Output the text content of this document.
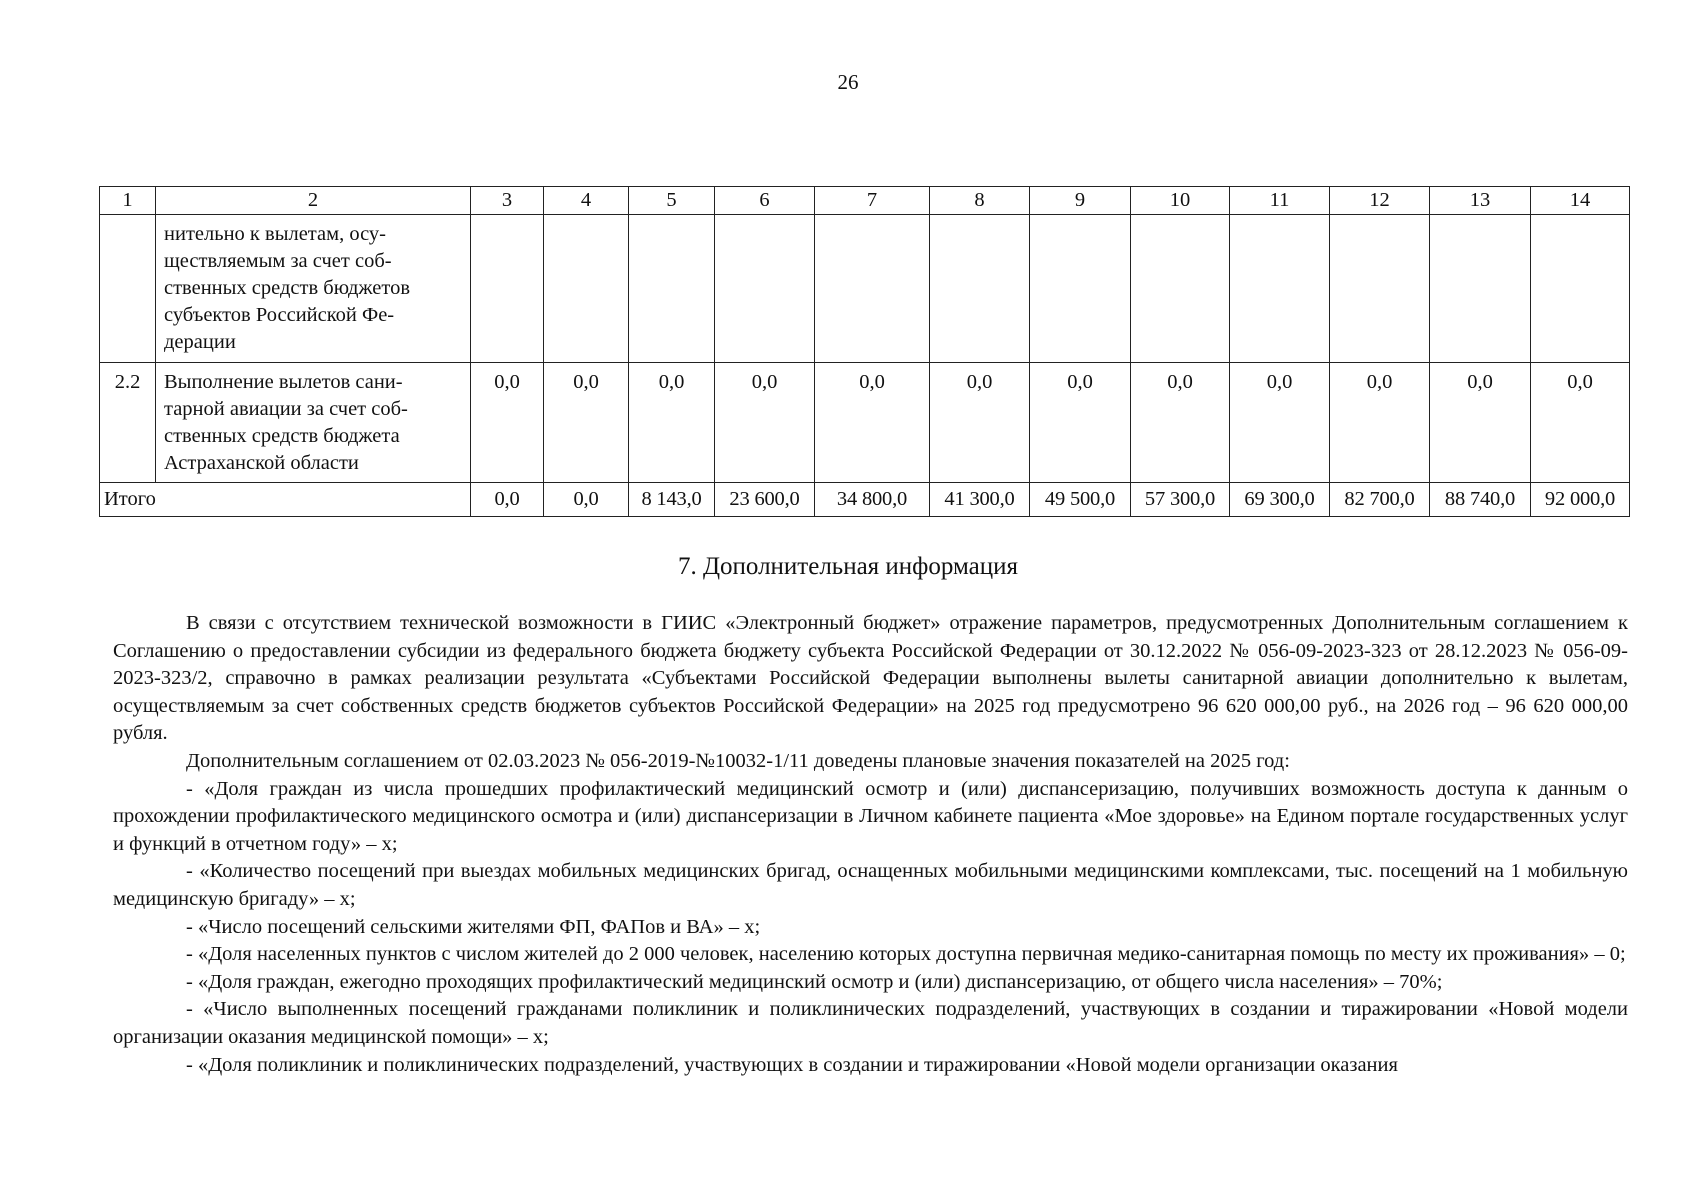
26
1	2	3	4	5	6	7	8	9	10	11	12	13	14

	нительно к вылетам, осу-
ществляемым за счет соб-
ственных средств бюджетов
субъектов Российской Фе-
дерации												

2.2	Выполнение вылетов сани-
тарной авиации за счет соб-
ственных средств бюджета
Астраханской области	0,0	0,0	0,0	0,0	0,0	0,0	0,0	0,0	0,0	0,0	0,0	0,0
Итого		0,0	0,0	8 143,0	23 600,0	34 800,0	41 300,0	49 500,0	57 300,0	69 300,0	82 700,0	88 740,0	92 000,0
7. Дополнительная информация

В связи с отсутствием технической возможности в ГИИС «Электронный бюджет» отражение параметров, предусмотренных Дополнительным соглашением к Соглашению о предоставлении субсидии из федерального бюджета бюджету субъекта Российской Федерации от 30.12.2022 № 056-09-2023-323 от 28.12.2023 № 056-09-2023-323/2, справочно в рамках реализации результата «Субъектами Российской Федерации выполнены вылеты санитарной авиации дополнительно к вылетам, осуществляемым за счет собственных средств бюджетов субъектов Российской Федерации» на 2025 год предусмотрено 96 620 000,00 руб., на 2026 год – 96 620 000,00 рубля.

Дополнительным соглашением от 02.03.2023 № 056-2019-№10032-1/11 доведены плановые значения показателей на 2025 год:

- «Доля граждан из числа прошедших профилактический медицинский осмотр и (или) диспансеризацию, получивших возможность доступа к данным о прохождении профилактического медицинского осмотра и (или) диспансеризации в Личном кабинете пациента «Мое здоровье» на Едином портале государственных услуг и функций в отчетном году» – х;

- «Количество посещений при выездах мобильных медицинских бригад, оснащенных мобильными медицинскими комплексами, тыс. посещений на 1 мобильную медицинскую бригаду» – х;

- «Число посещений сельскими жителями ФП, ФАПов и ВА» – х;

- «Доля населенных пунктов с числом жителей до 2 000 человек, населению которых доступна первичная медико-санитарная помощь по месту их проживания» – 0;

- «Доля граждан, ежегодно проходящих профилактический медицинский осмотр и (или) диспансеризацию, от общего числа населения» – 70%;

- «Число выполненных посещений гражданами поликлиник и поликлинических подразделений, участвующих в создании и тиражировании «Новой модели организации оказания медицинской помощи» – х;

- «Доля поликлиник и поликлинических подразделений, участвующих в создании и тиражировании «Новой модели организации оказания
